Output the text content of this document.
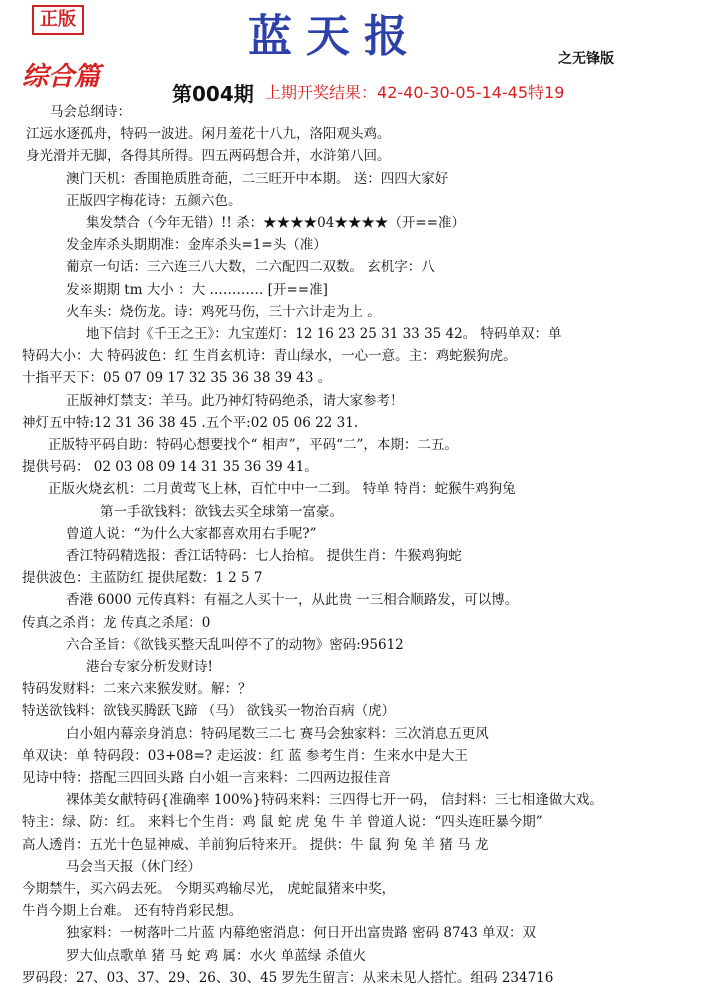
正版	蓝天报	之无锋版
综合篇
第004期 上期开奖结果：42-40-30-05-14-45特19
马会总纲诗：
江远水逐孤舟，特码一波进。闲月羞花十八九，洛阳观头鸡。
身光滑并无脚，各得其所得。四五两码想合并，水浒第八回。
澳门天机：香围艳质胜奇葩，二三旺开中本期。 送：四四大家好
正版四字梅花诗：五颜六色。
集发禁合（今年无错）!! 杀：★★★★04★★★★（开==准）
发金库杀头期期准：金库杀头=1=头（准）
葡京一句话：三六连三八大数，二六配四二双数。 玄机字：八
发※期期 tm 大小 ：大 ………… [开==准]
火车头：烧伤龙。诗：鸡死马伤，三十六计走为上 。
地下信封《千王之王》：九宝莲灯：12 16 23 25 31 33 35 42。 特码单双：单
特码大小：大 特码波色：红 生肖玄机诗：青山绿水，一心一意。主：鸡蛇猴狗虎。
十指平天下：05 07 09 17 32 35 36 38 39 43 。
正版神灯禁支：羊马。此乃神灯特码绝杀，请大家参考！
神灯五中特:12 31 36 38 45 .五个平:02 05 06 22 31.
正版特平码自助：特码心想要找个“ 相声”，平码“二”，本期：二五。
提供号码： 02 03 08 09 14 31 35 36 39 41。
正版火烧玄机：二月黄莺飞上林，百忙中中一二到。 特单 特肖：蛇猴牛鸡狗兔
第一手欲钱料：欲钱去买全球第一富豪。
曾道人说：“为什么大家都喜欢用右手呢?”
香江特码精选报：香江话特码：七人抬棺。 提供生肖：牛猴鸡狗蛇
提供波色：主蓝防红 提供尾数：1 2 5 7
香港 6000 元传真料：有福之人买十一，从此贵 一三相合顺路发，可以博。
传真之杀肖：龙 传真之杀尾：0
六合圣旨：《欲钱买整天乱叫停不了的动物》密码:95612
港台专家分析发财诗!
特码发财料：二来六来猴发财。解：？
特送欲钱料：欲钱买腾跃飞蹄 （马） 欲钱买一物治百病（虎）
白小姐内幕亲身消息：特码尾数三二七 赛马会独家料：三次消息五更风
单双诀：单 特码段：03+08=? 走运波：红 蓝 参考生肖：生来水中是大王
见诗中特：搭配三四回头路 白小姐一言来料：二四两边报佳音
裸体美女献特码{准确率 100%}特码来料：三四得七开一码， 信封料：三七相逢做大戏。
特主：绿、防：红。 来料七个生肖：鸡 鼠 蛇 虎 兔 牛 羊 曾道人说：“四头连旺暴今期”
高人透肖：五光十色显神威、羊前狗后特来开。 提供：牛 鼠 狗 兔 羊 猪 马 龙
马会当天报（休门经）
今期禁牛，买六码去死。 今期买鸡输尽光， 虎蛇鼠猪来中奖，
牛肖今期上台难。 还有特肖彩民想。
独家料：一树落叶二片蓝 内幕绝密消息：何日开出富贵路 密码 8743 单双：双
罗大仙点歌单 猪 马 蛇 鸡 属：水火 单蓝绿 杀值火
罗码段：27、03、37、29、26、30、45 罗先生留言：从来未见人搭忙。组码 234716
